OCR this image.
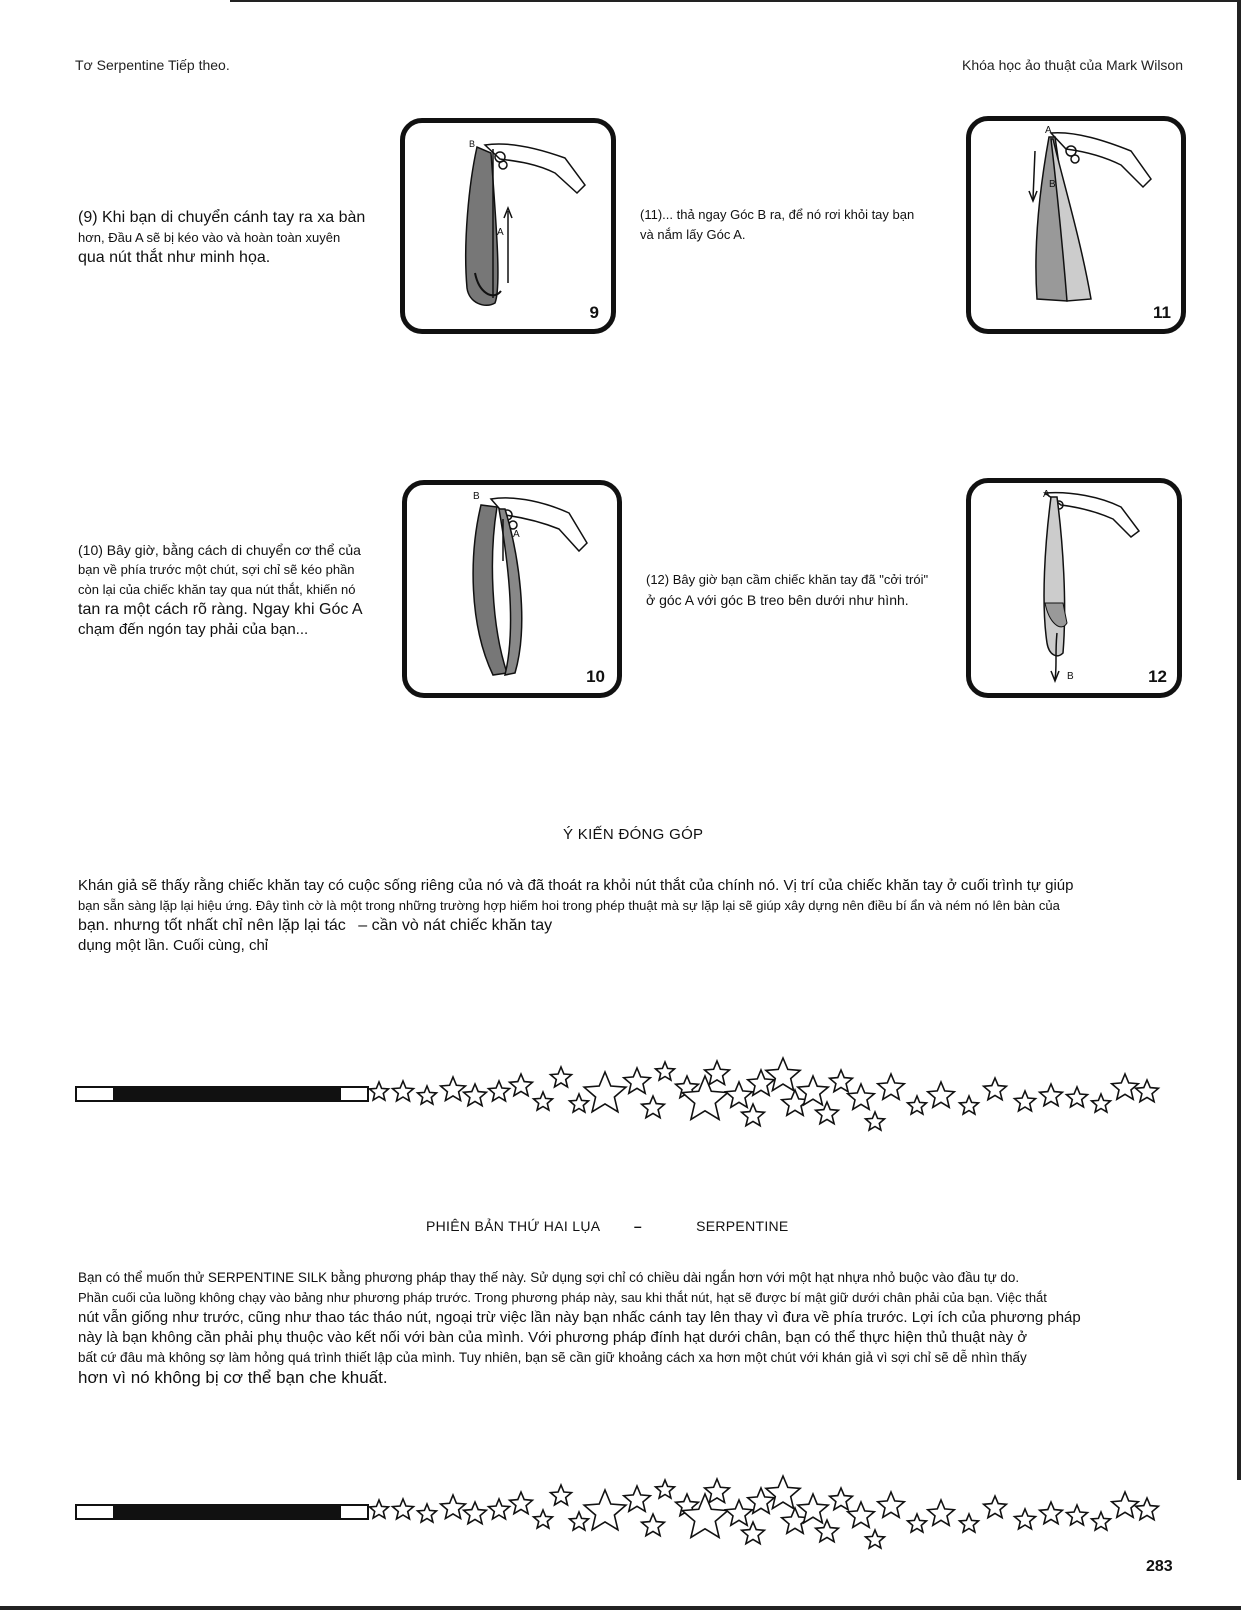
Tơ Serpentine Tiếp theo.	Khóa học ảo thuật của Mark Wilson
(9) Khi bạn di chuyển cánh tay ra xa bàn
hơn, Đầu A sẽ bị kéo vào và hoàn toàn xuyên
qua nút thắt như minh họa.
B
A
9
(11)... thả ngay Góc B ra, để nó rơi khỏi tay bạn
và nắm lấy Góc A.
A
B
11
(10) Bây giờ, bằng cách di chuyển cơ thể của
bạn về phía trước một chút, sợi chỉ sẽ kéo phần
còn lại của chiếc khăn tay qua nút thắt, khiến nó
tan ra một cách rõ ràng. Ngay khi Góc A
chạm đến ngón tay phải của bạn...
B
A
10
(12) Bây giờ bạn cầm chiếc khăn tay đã "cởi trói"
ở góc A với góc B treo bên dưới như hình.
A
B	12
Ý KIẾN ĐÓNG GÓP
Khán giả sẽ thấy rằng chiếc khăn tay có cuộc sống riêng của nó và đã thoát ra khỏi nút thắt của chính nó. Vị trí của chiếc khăn tay ở cuối trình tự giúp
bạn sẵn sàng lặp lại hiệu ứng. Đây tình cờ là một trong những trường hợp hiếm hoi trong phép thuật mà sự lặp lại sẽ giúp xây dựng nên điều bí ẩn và ném nó lên bàn của
bạn. nhưng tốt nhất chỉ nên lặp lại tác – cần vò nát chiếc khăn tay
dụng một lần. Cuối cùng, chỉ
PHIÊN BẢN THỨ HAI LỤA –	SERPENTINE
Bạn có thể muốn thử SERPENTINE SILK bằng phương pháp thay thế này. Sử dụng sợi chỉ có chiều dài ngắn hơn với một hạt nhựa nhỏ buộc vào đầu tự do.
Phần cuối của luồng không chạy vào bảng như phương pháp trước. Trong phương pháp này, sau khi thắt nút, hạt sẽ được bí mật giữ dưới chân phải của bạn. Việc thắt
nút vẫn giống như trước, cũng như thao tác tháo nút, ngoại trừ việc lần này bạn nhấc cánh tay lên thay vì đưa về phía trước. Lợi ích của phương pháp
này là bạn không cần phải phụ thuộc vào kết nối với bàn của mình. Với phương pháp đính hạt dưới chân, bạn có thể thực hiện thủ thuật này ở
bất cứ đâu mà không sợ làm hỏng quá trình thiết lập của mình. Tuy nhiên, bạn sẽ cần giữ khoảng cách xa hơn một chút với khán giả vì sợi chỉ sẽ dễ nhìn thấy
hơn vì nó không bị cơ thể bạn che khuất.
283
